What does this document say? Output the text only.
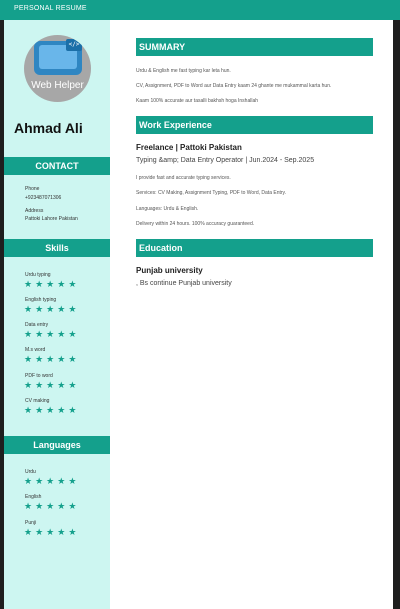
PERSONAL RESUME
</>
Web Helper
Ahmad Ali
CONTACT
Phone
+923487071306
Address
Pattoki Lahore Pakistan
Skills
Urdu typing
★★★★★
English typing
★★★★★
Data entry
★★★★★
M.s word
★★★★★
PDF to word
★★★★★
CV making
★★★★★
Languages
Urdu
★★★★★
English
★★★★★
Punji
★★★★★
SUMMARY
Urdu & English me fast typing kar leta hun.
CV, Assignment, PDF to Word aur Data Entry kaam 24 ghante me mukammal karta hun.
Kaam 100% accurate aur tasalli bakhsh hoga Inshallah
Work Experience
Freelance | Pattoki Pakistan
Typing &amp; Data Entry Operator | Jun.2024 - Sep.2025
I provide fast and accurate typing services.
Services: CV Making, Assignment Typing, PDF to Word, Data Entry.
Languages: Urdu & English.
Delivery within 24 hours. 100% accuracy guaranteed.
Education
Punjab university
, Bs continue Punjab university
